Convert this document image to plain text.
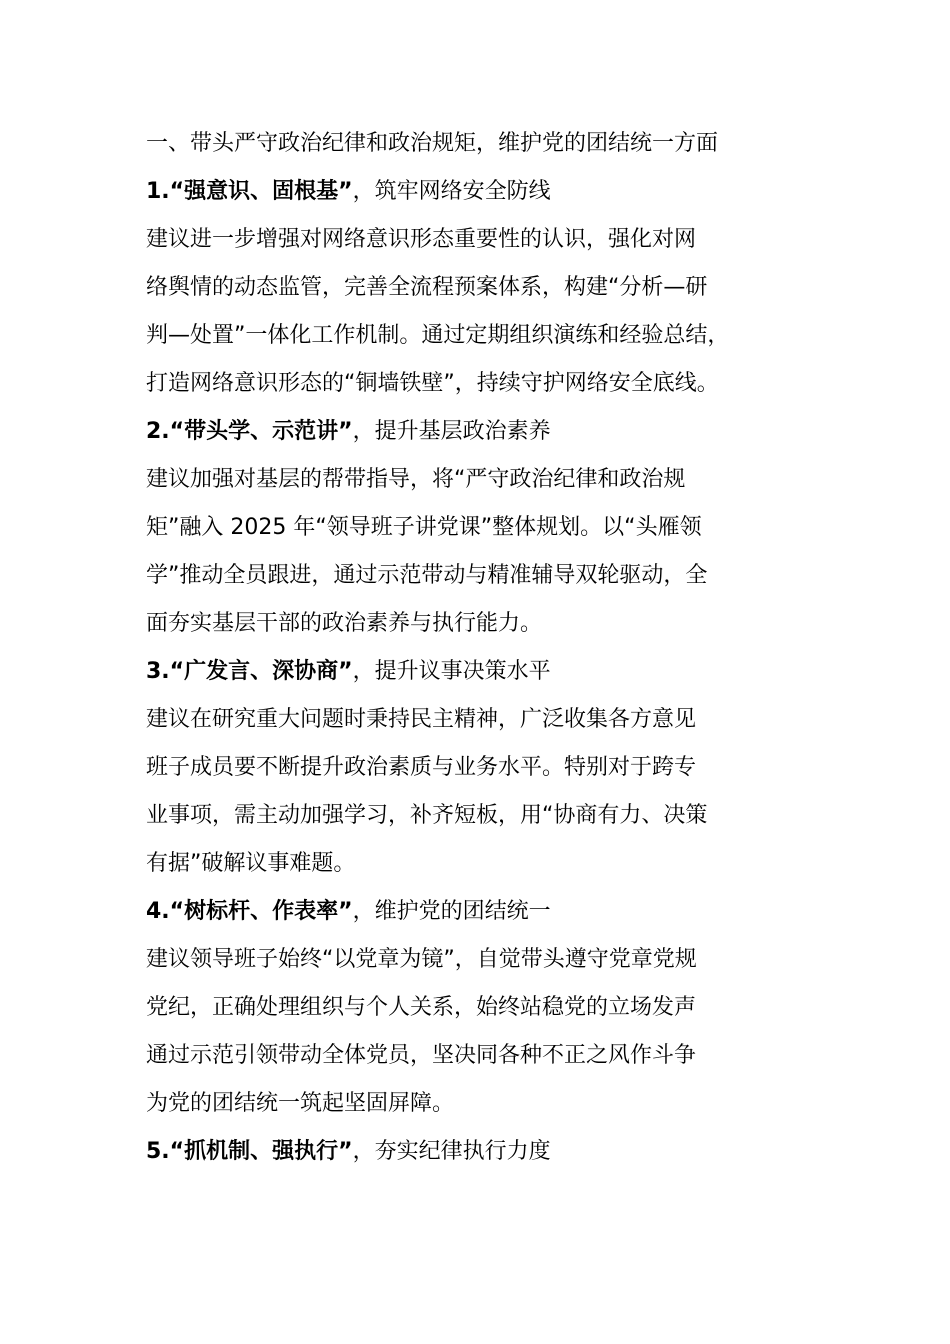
一、带头严守政治纪律和政治规矩，维护党的团结统一方面

1.“强意识、固根基”，筑牢网络安全防线

建议进一步增强对网络意识形态重要性的认识，强化对网

络舆情的动态监管，完善全流程预案体系，构建“分析—研

判—处置”一体化工作机制。通过定期组织演练和经验总结，

打造网络意识形态的“铜墙铁壁”，持续守护网络安全底线。

2.“带头学、示范讲”，提升基层政治素养

建议加强对基层的帮带指导，将“严守政治纪律和政治规

矩”融入 2025 年“领导班子讲党课”整体规划。以“头雁领

学”推动全员跟进，通过示范带动与精准辅导双轮驱动，全

面夯实基层干部的政治素养与执行能力。

3.“广发言、深协商”，提升议事决策水平

建议在研究重大问题时秉持民主精神，广泛收集各方意见

班子成员要不断提升政治素质与业务水平。特别对于跨专

业事项，需主动加强学习，补齐短板，用“协商有力、决策

有据”破解议事难题。

4.“树标杆、作表率”，维护党的团结统一

建议领导班子始终“以党章为镜”，自觉带头遵守党章党规

党纪，正确处理组织与个人关系，始终站稳党的立场发声

通过示范引领带动全体党员，坚决同各种不正之风作斗争

为党的团结统一筑起坚固屏障。

5.“抓机制、强执行”，夯实纪律执行力度
